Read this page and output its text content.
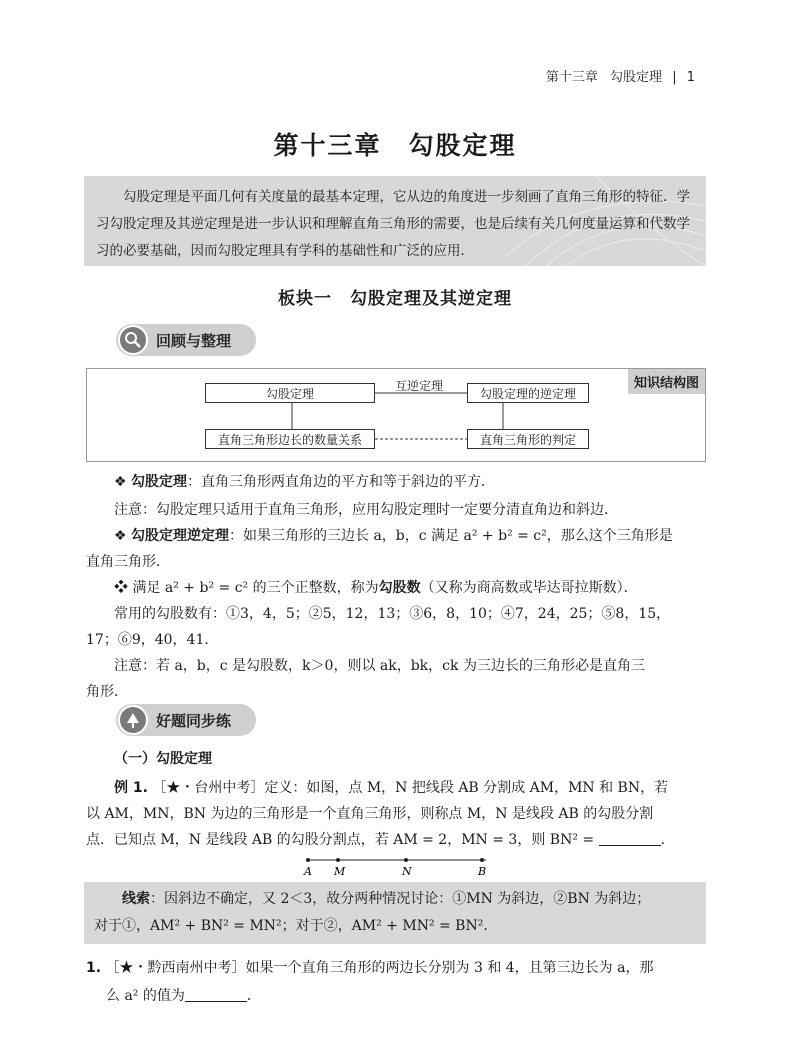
第十三章 勾股定理 | 1
第十三章　勾股定理

勾股定理是平面几何有关度量的最基本定理，它从边的角度进一步刻画了直角三角形的特征．学习勾股定理及其逆定理是进一步认识和理解直角三角形的需要，也是后续有关几何度量运算和代数学习的必要基础，因而勾股定理具有学科的基础性和广泛的应用．

板块一　勾股定理及其逆定理
回顾与整理
知识结构图
勾股定理	勾股定理的逆定理
直角三角形边长的数量关系	直角三角形的判定
互逆定理
❖ 勾股定理：直角三角形两直角边的平方和等于斜边的平方．
注意：勾股定理只适用于直角三角形，应用勾股定理时一定要分清直角边和斜边．
❖ 勾股定理逆定理：如果三角形的三边长 a，b，c 满足 a² + b² = c²，那么这个三角形是
直角三角形．
❖ 满足 a² + b² = c² 的三个正整数，称为勾股数（又称为商高数或毕达哥拉斯数）．
常用的勾股数有：①3，4，5；②5，12，13；③6，8，10；④7，24，25；⑤8，15，
17；⑥9，40，41．
注意：若 a，b，c 是勾股数，k＞0，则以 ak，bk，ck 为三边长的三角形必是直角三
角形．
好题同步练
（一）勾股定理
例 1. ［★・台州中考］定义：如图，点 M，N 把线段 AB 分割成 AM，MN 和 BN，若
以 AM，MN，BN 为边的三角形是一个直角三角形，则称点 M，N 是线段 AB 的勾股分割
点．已知点 M，N 是线段 AB 的勾股分割点，若 AM = 2，MN = 3，则 BN² =	．
A M	N	B
线索：因斜边不确定，又 2＜3，故分两种情况讨论：①MN 为斜边，②BN 为斜边；
对于①，AM² + BN² = MN²；对于②，AM² + MN² = BN²．
1. ［★・黔西南州中考］如果一个直角三角形的两边长分别为 3 和 4，且第三边长为 a，那
么 a² 的值为	．
